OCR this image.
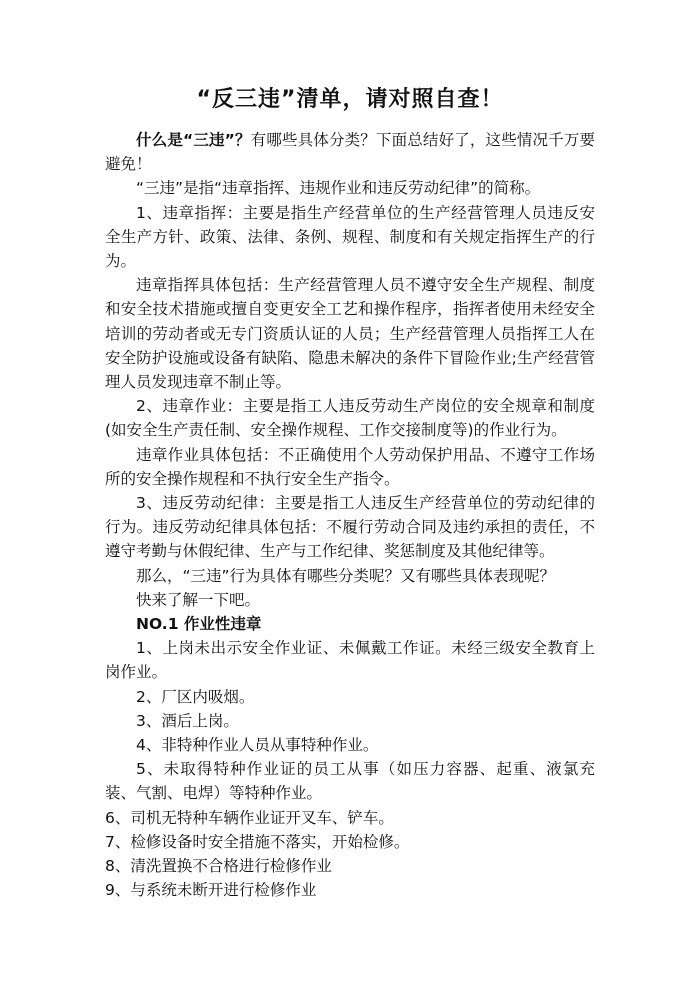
“反三违”清单，请对照自查！

什么是“三违”？有哪些具体分类？下面总结好了，这些情况千万要避免！

“三违”是指“违章指挥、违规作业和违反劳动纪律”的简称。

1、违章指挥：主要是指生产经营单位的生产经营管理人员违反安全生产方针、政策、法律、条例、规程、制度和有关规定指挥生产的行为。

违章指挥具体包括：生产经营管理人员不遵守安全生产规程、制度和安全技术措施或擅自变更安全工艺和操作程序，指挥者使用未经安全培训的劳动者或无专门资质认证的人员；生产经营管理人员指挥工人在安全防护设施或设备有缺陷、隐患未解决的条件下冒险作业;生产经营管理人员发现违章不制止等。

2、违章作业：主要是指工人违反劳动生产岗位的安全规章和制度(如安全生产责任制、安全操作规程、工作交接制度等)的作业行为。

违章作业具体包括：不正确使用个人劳动保护用品、不遵守工作场所的安全操作规程和不执行安全生产指令。

3、违反劳动纪律：主要是指工人违反生产经营单位的劳动纪律的行为。违反劳动纪律具体包括：不履行劳动合同及违约承担的责任，不遵守考勤与休假纪律、生产与工作纪律、奖惩制度及其他纪律等。

那么，“三违”行为具体有哪些分类呢？又有哪些具体表现呢？

快来了解一下吧。

NO.1 作业性违章

1、上岗未出示安全作业证、未佩戴工作证。未经三级安全教育上岗作业。

2、厂区内吸烟。

3、酒后上岗。

4、非特种作业人员从事特种作业。

5、未取得特种作业证的员工从事（如压力容器、起重、液氯充装、气割、电焊）等特种作业。

6、司机无特种车辆作业证开叉车、铲车。

7、检修设备时安全措施不落实，开始检修。

8、清洗置换不合格进行检修作业

9、与系统未断开进行检修作业
